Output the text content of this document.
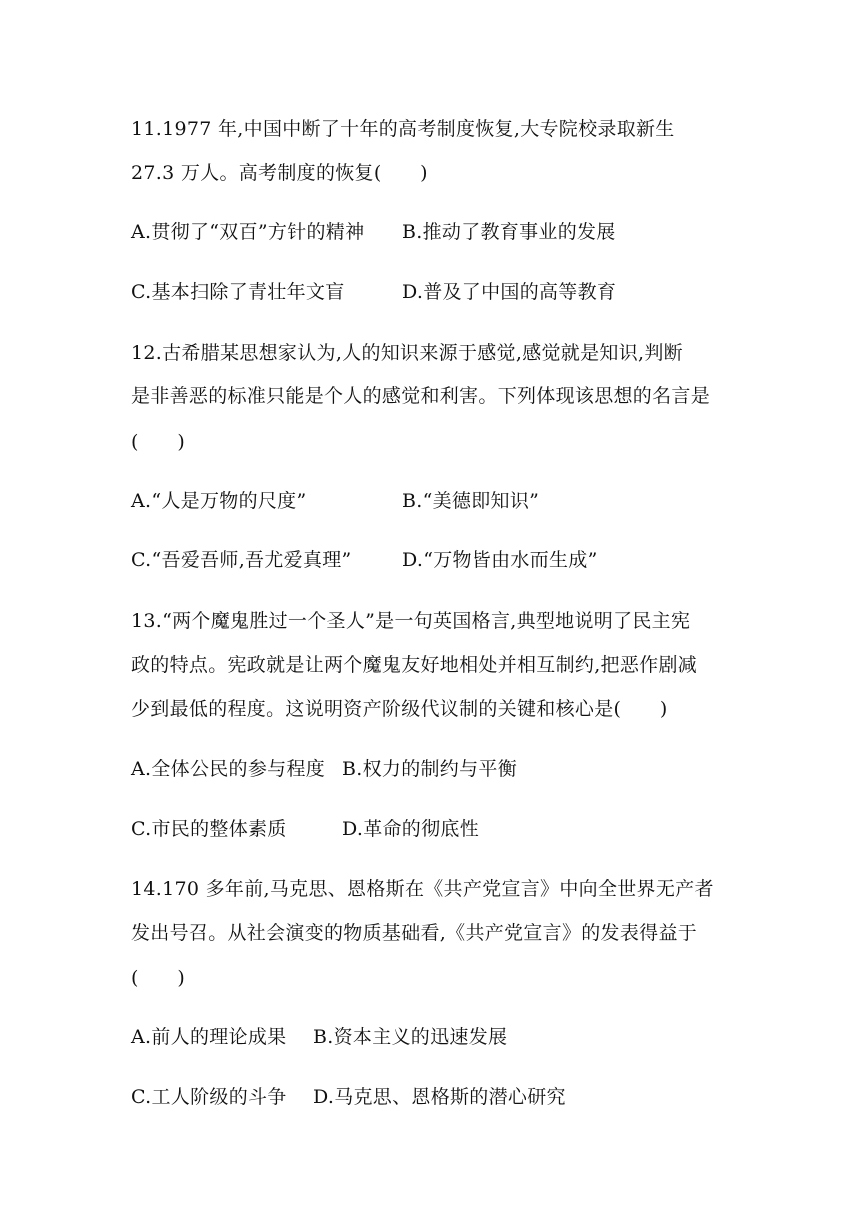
11.1977 年,中国中断了十年的高考制度恢复,大专院校录取新生
27.3 万人。高考制度的恢复(　　)
A.贯彻了“双百”方针的精神 B.推动了教育事业的发展
C.基本扫除了青壮年文盲	D.普及了中国的高等教育
12.古希腊某思想家认为,人的知识来源于感觉,感觉就是知识,判断
是非善恶的标准只能是个人的感觉和利害。下列体现该思想的名言是
(　　)
A.“人是万物的尺度”	B.“美德即知识”
C.“吾爱吾师,吾尤爱真理”	D.“万物皆由水而生成”
13.“两个魔鬼胜过一个圣人”是一句英国格言,典型地说明了民主宪
政的特点。宪政就是让两个魔鬼友好地相处并相互制约,把恶作剧减
少到最低的程度。这说明资产阶级代议制的关键和核心是(　　)
A.全体公民的参与程度 B.权力的制约与平衡
C.市民的整体素质	D.革命的彻底性
14.170 多年前,马克思、恩格斯在《共产党宣言》中向全世界无产者
发出号召。从社会演变的物质基础看,《共产党宣言》的发表得益于
(　　)
A.前人的理论成果 B.资本主义的迅速发展
C.工人阶级的斗争 D.马克思、恩格斯的潜心研究
